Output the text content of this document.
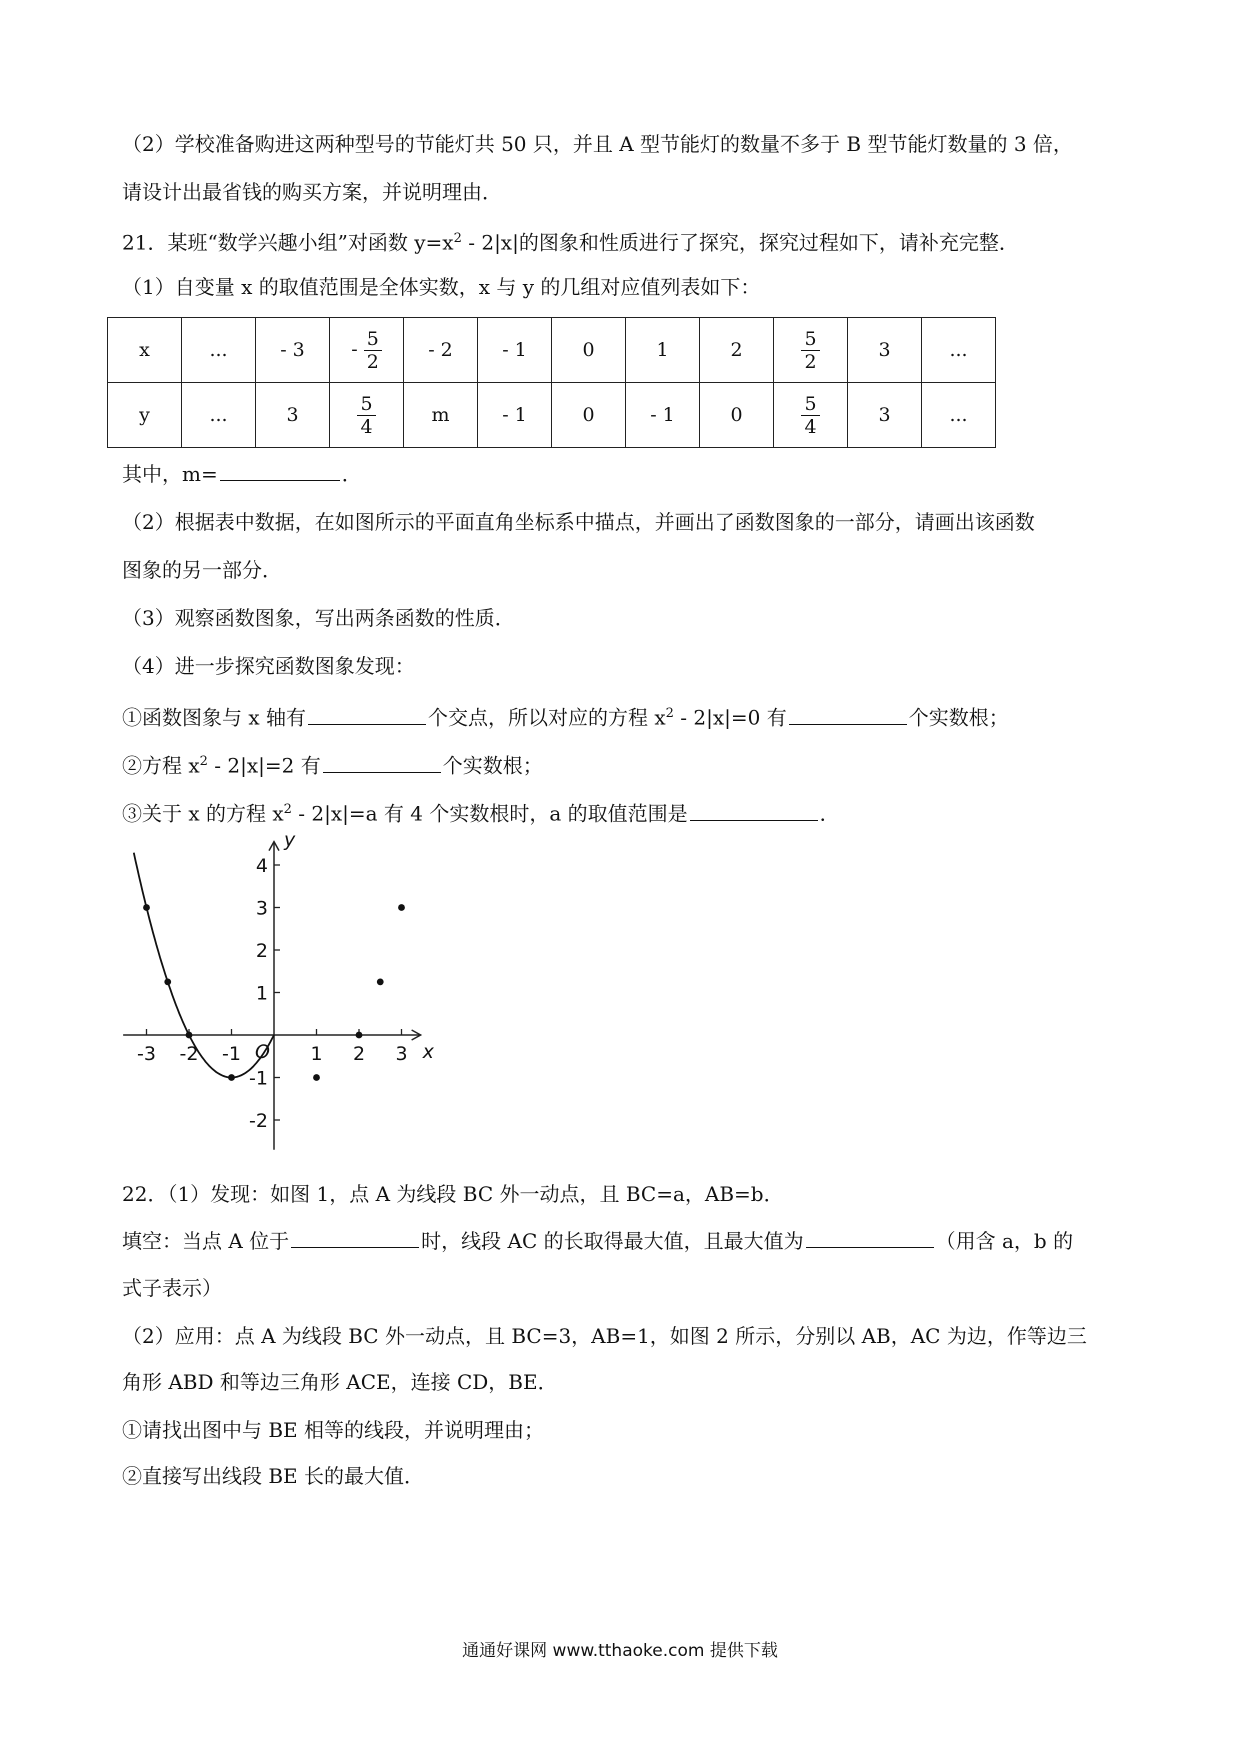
（2）学校准备购进这两种型号的节能灯共 50 只，并且 A 型节能灯的数量不多于 B 型节能灯数量的 3 倍，
请设计出最省钱的购买方案，并说明理由．
21．某班“数学兴趣小组”对函数 $y=x^2 - 2|x|$的图象和性质进行了探究，探究过程如下，请补充完整．
（1）自变量 x 的取值范围是全体实数，x 与 y 的几组对应值列表如下：
x	...	- 3	- $\frac{5}{2}$	- 2	- 1	0	1	2	$\frac{5}{2}$	3	...
y	...	3	$\frac{5}{4}$	m	- 1	0	- 1	0	$\frac{5}{4}$	3	...
其中，m=	．
（2）根据表中数据，在如图所示的平面直角坐标系中描点，并画出了函数图象的一部分，请画出该函数
图象的另一部分．
（3）观察函数图象，写出两条函数的性质．
（4）进一步探究函数图象发现：
①函数图象与 x 轴有	个交点，所以对应的方程 $x^2 - 2|x|=0$ 有	个实数根；
②方程 $x^2 - 2|x|=2$ 有	个实数根；
③关于 x 的方程 $x^2 - 2|x|=a$ 有 4 个实数根时，a 的取值范围是	．
y
x
O
-3 -2 -1	1 2 3
4
3
2
1
-1
-2
22．（1）发现：如图 1，点 A 为线段 BC 外一动点，且 BC=a，AB=b．
填空：当点 A 位于	时，线段 AC 的长取得最大值，且最大值为	（用含 a，b 的
式子表示）
（2）应用：点 A 为线段 BC 外一动点，且 BC=3，AB=1，如图 2 所示，分别以 AB，AC 为边，作等边三
角形 ABD 和等边三角形 ACE，连接 CD，BE．
①请找出图中与 BE 相等的线段，并说明理由；
②直接写出线段 BE 长的最大值．
通通好课网 www.tthaoke.com 提供下载
